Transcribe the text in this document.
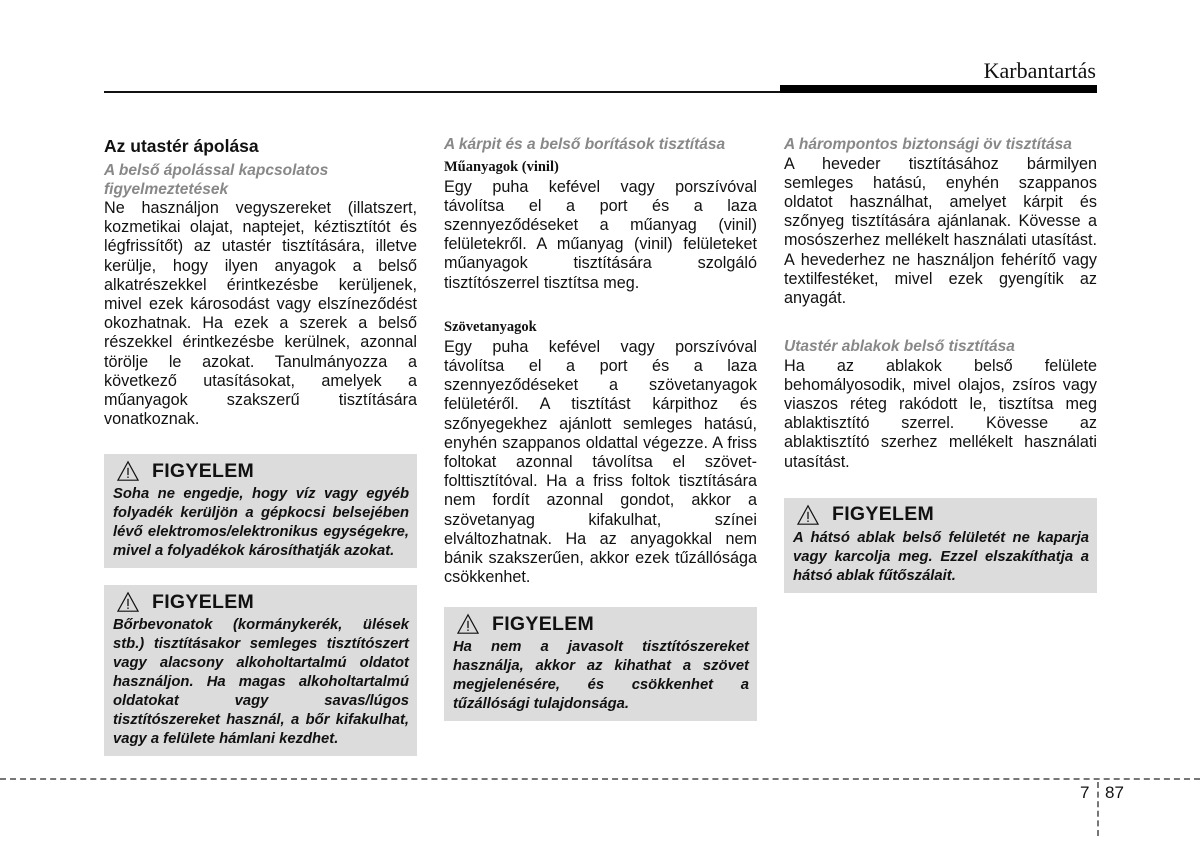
Karbantartás

Az utastér ápolása

A belső ápolással kapcsolatos figyelmeztetések

Ne használjon vegyszereket (illatszert, kozmetikai olajat, naptejet, kéztisztítót és légfrissítőt) az utastér tisztítására, illetve kerülje, hogy ilyen anyagok a belső alkatrészekkel érintkezésbe kerüljenek, mivel ezek károsodást vagy elszíneződést okozhatnak. Ha ezek a szerek a belső részekkel érintkezésbe kerülnek, azonnal törölje le azokat. Tanulmányozza a következő utasításokat, amelyek a műanyagok szakszerű tisztítására vonatkoznak.

FIGYELEM

Soha ne engedje, hogy víz vagy egyéb folyadék kerüljön a gépkocsi belsejében lévő elektromos/elektronikus egységekre, mivel a folyadékok károsíthatják azokat.

FIGYELEM

Bőrbevonatok (kormánykerék, ülések stb.) tisztításakor semleges tisztítószert vagy alacsony alkoholtartalmú oldatot használjon. Ha magas alkoholtartalmú oldatokat vagy savas/lúgos tisztítószereket használ, a bőr kifakulhat, vagy a felülete hámlani kezdhet.

A kárpit és a belső borítások tisztítása

Műanyagok (vinil)

Egy puha kefével vagy porszívóval távolítsa el a port és a laza szennyeződéseket a műanyag (vinil) felületekről. A műanyag (vinil) felületeket műanyagok tisztítására szolgáló tisztítószerrel tisztítsa meg.

Szövetanyagok

Egy puha kefével vagy porszívóval távolítsa el a port és a laza szennyeződéseket a szövetanyagok felületéről. A tisztítást kárpithoz és szőnyegekhez ajánlott semleges hatású, enyhén szappanos oldattal végezze. A friss foltokat azonnal távolítsa el szövet-folttisztítóval. Ha a friss foltok tisztítására nem fordít azonnal gondot, akkor a szövetanyag kifakulhat, színei elváltozhatnak. Ha az anyagokkal nem bánik szakszerűen, akkor ezek tűzállósága csökkenhet.

FIGYELEM

Ha nem a javasolt tisztítószereket használja, akkor az kihathat a szövet megjelenésére, és csökkenhet a tűzállósági tulajdonsága.

A hárompontos biztonsági öv tisztítása

A heveder tisztításához bármilyen semleges hatású, enyhén szappanos oldatot használhat, amelyet kárpit és szőnyeg tisztítására ajánlanak. Kövesse a mosószerhez mellékelt használati utasítást. A hevederhez ne használjon fehérítő vagy textilfestéket, mivel ezek gyengítik az anyagát.

Utastér ablakok belső tisztítása

Ha az ablakok belső felülete behomályosodik, mivel olajos, zsíros vagy viaszos réteg rakódott le, tisztítsa meg ablaktisztító szerrel. Kövesse az ablaktisztító szerhez mellékelt használati utasítást.

FIGYELEM

A hátsó ablak belső felületét ne kaparja vagy karcolja meg. Ezzel elszakíthatja a hátsó ablak fűtőszálait.

7 87
